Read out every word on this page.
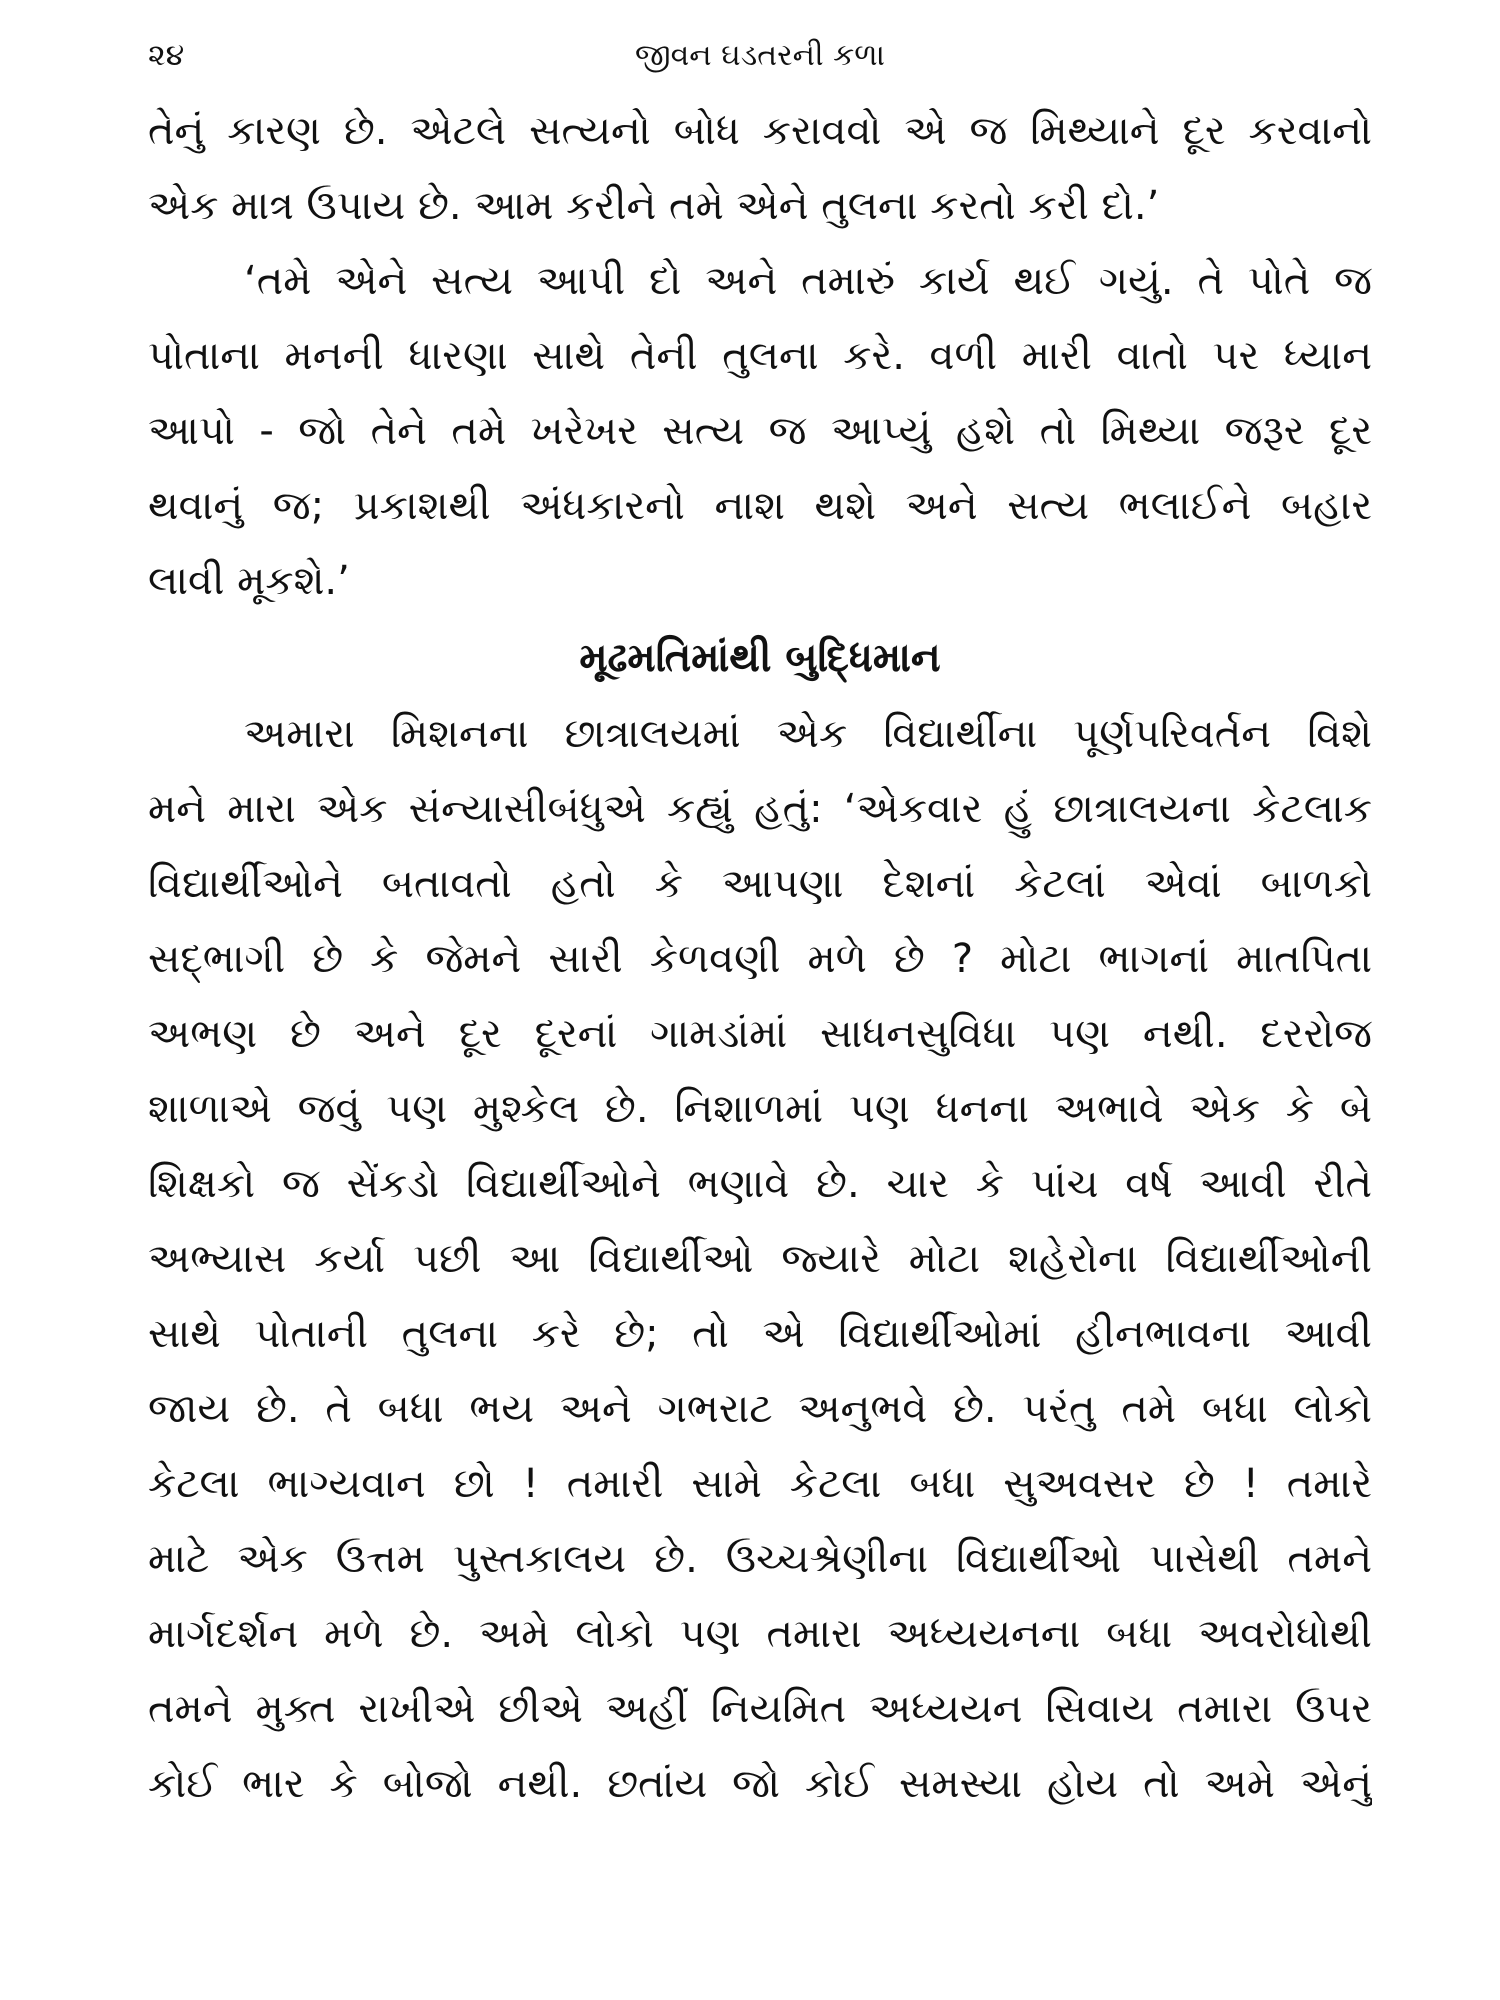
૨૪	જીવન ઘડતરની કળા
તેનું કારણ છે. એટલે સત્યનો બોધ કરાવવો એ જ મિથ્યાને દૂર કરવાનો
એક માત્ર ઉપાય છે. આમ કરીને તમે એને તુલના કરતો કરી દો.’
‘તમે એને સત્ય આપી દો અને તમારું કાર્ય થઈ ગયું. તે પોતે જ
પોતાના મનની ધારણા સાથે તેની તુલના કરે. વળી મારી વાતો પર ધ્યાન
આપો - જો તેને તમે ખરેખર સત્ય જ આપ્યું હશે તો મિથ્યા જરૂર દૂર
થવાનું જ; પ્રકાશથી અંધકારનો નાશ થશે અને સત્ય ભલાઈને બહાર
લાવી મૂકશે.’
મૂઢમતિમાંથી બુદ્ધિમાન
અમારા મિશનના છાત્રાલયમાં એક વિદ્યાર્થીના પૂર્ણપરિવર્તન વિશે
મને મારા એક સંન્યાસીબંધુએ કહ્યું હતું: ‘એકવાર હું છાત્રાલયના કેટલાક
વિદ્યાર્થીઓને બતાવતો હતો કે આપણા દેશનાં કેટલાં એવાં બાળકો
સદ્ભાગી છે કે જેમને સારી કેળવણી મળે છે ? મોટા ભાગનાં માતપિતા
અભણ છે અને દૂર દૂરનાં ગામડાંમાં સાધનસુવિધા પણ નથી. દરરોજ
શાળાએ જવું પણ મુશ્કેલ છે. નિશાળમાં પણ ધનના અભાવે એક કે બે
શિક્ષકો જ સેંકડો વિદ્યાર્થીઓને ભણાવે છે. ચાર કે પાંચ વર્ષ આવી રીતે
અભ્યાસ કર્યા પછી આ વિદ્યાર્થીઓ જ્યારે મોટા શહેરોના વિદ્યાર્થીઓની
સાથે પોતાની તુલના કરે છે; તો એ વિદ્યાર્થીઓમાં હીનભાવના આવી
જાય છે. તે બધા ભય અને ગભરાટ અનુભવે છે. પરંતુ તમે બધા લોકો
કેટલા ભાગ્યવાન છો ! તમારી સામે કેટલા બધા સુઅવસર છે ! તમારે
માટે એક ઉત્તમ પુસ્તકાલય છે. ઉચ્ચશ્રેણીના વિદ્યાર્થીઓ પાસેથી તમને
માર્ગદર્શન મળે છે. અમે લોકો પણ તમારા અધ્યયનના બધા અવરોધોથી
તમને મુક્ત રાખીએ છીએ અહીં નિયમિત અધ્યયન સિવાય તમારા ઉપર
કોઈ ભાર કે બોજો નથી. છતાંય જો કોઈ સમસ્યા હોય તો અમે એનું
